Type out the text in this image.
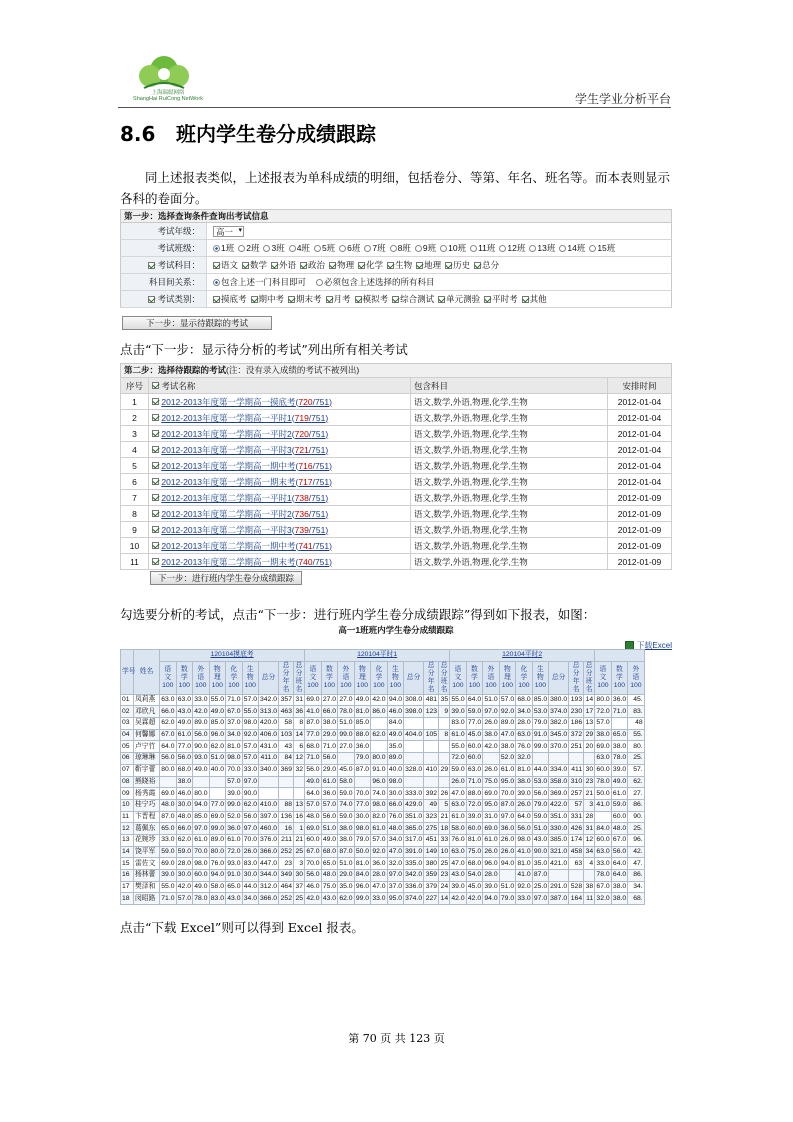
上海瑞聪网络
ShangHai RuiCong NetWork	学生学业分析平台
8.6 班内学生卷分成绩跟踪
同上述报表类似，上述报表为单科成绩的明细，包括卷分、等第、年名、班名等。而本表则显示 各科的卷面分。
第一步：选择查询条件查询出考试信息
考试年级：	高一 ▾
考试班级：	1班 2班 3班 4班 5班 6班 7班 8班 9班 10班 11班 12班 13班 14班 15班
考试科目： 语文 数学 外语 政治 物理 化学 生物 地理 历史 总分
科目间关系：	包含上述一门科目即可 必须包含上述选择的所有科目
考试类别： 摸底考 期中考 期末考 月考 模拟考 综合测试 单元测验 平时考 其他
下一步：显示待跟踪的考试
点击“下一步：显示待分析的考试”列出所有相关考试
第二步：选择待跟踪的考试(注：没有录入成绩的考试不被列出)
序号	考试名称	包含科目	安排时间
1	2012-2013年度第一学期高一摸底考(720/751)	语文,数学,外语,物理,化学,生物	2012-01-04
2	2012-2013年度第一学期高一平时1(719/751)	语文,数学,外语,物理,化学,生物	2012-01-04
3	2012-2013年度第一学期高一平时2(720/751)	语文,数学,外语,物理,化学,生物	2012-01-04
4	2012-2013年度第一学期高一平时3(721/751)	语文,数学,外语,物理,化学,生物	2012-01-04
5	2012-2013年度第一学期高一期中考(716/751)	语文,数学,外语,物理,化学,生物	2012-01-04
6	2012-2013年度第一学期高一期末考(717/751)	语文,数学,外语,物理,化学,生物	2012-01-04
7	2012-2013年度第二学期高一平时1(738/751)	语文,数学,外语,物理,化学,生物	2012-01-09
8	2012-2013年度第二学期高一平时2(736/751)	语文,数学,外语,物理,化学,生物	2012-01-09
9	2012-2013年度第二学期高一平时3(739/751)	语文,数学,外语,物理,化学,生物	2012-01-09
10	2012-2013年度第二学期高一期中考(741/751)	语文,数学,外语,物理,化学,生物	2012-01-09
11	2012-2013年度第二学期高一期末考(740/751)	语文,数学,外语,物理,化学,生物	2012-01-09
下一步：进行班内学生卷分成绩跟踪
勾选要分析的考试，点击“下一步：进行班内学生卷分成绩跟踪”得到如下报表，如图：
高一1班班内学生卷分成绩跟踪
下载Excel
学号	姓名	120104摸底考									120104平时1									120104平时2											
		语文100	数学100	外语100	物理100	化学100	生物100	总分	总分年名	总分班名	语文100	数学100	外语100	物理100	化学100	生物100	总分	总分年名	总分班名	语文100	数学100	外语100	物理100	化学100	生物100	总分	总分年名	总分班名	语文100	数学100	外语100
01	凤莉燕	63.0	63.0	33.0	55.0	71.0	57.0	342.0	357	31	69.0	27.0	27.0	49.0	42.0	94.0	308.0	481	35	55.0	64.0	51.0	57.0	68.0	85.0	380.0	193	14	80.0	36.0	45.
02	邓欣凡	66.0	43.0	42.0	49.0	67.0	55.0	313.0	463	36	41.0	66.0	78.0	81.0	86.0	46.0	398.0	123	9	39.0	59.0	97.0	92.0	34.0	53.0	374.0	230	17	72.0	71.0	83.
03	吴霖超	62.0	49.0	89.0	85.0	37.0	98.0	420.0	58	8	87.0	38.0	51.0	85.0		84.0				83.0	77.0	26.0	89.0	28.0	79.0	382.0	186	13	57.0		48
04	何馨娜	67.0	61.0	56.0	96.0	34.0	92.0	406.0	103	14	77.0	29.0	99.0	88.0	62.0	49.0	404.0	105	8	61.0	45.0	38.0	47.0	63.0	91.0	345.0	372	29	38.0	65.0	55.
05	卢宁竹	64.0	77.0	90.0	62.0	81.0	57.0	431.0	43	6	68.0	71.0	27.0	36.0		35.0				55.0	60.0	42.0	38.0	76.0	99.0	370.0	251	20	69.0	38.0	80.
06	琼琳琳	56.0	56.0	93.0	51.0	98.0	57.0	411.0	84	12	71.0	56.0		79.0	80.0	89.0				72.0	60.0		52.0	32.0					63.0	78.0	25.
07	靳宇蕾	80.0	68.0	49.0	40.0	70.0	33.0	340.0	369	32	56.0	29.0	45.0	87.0	91.0	40.0	328.0	410	29	59.0	63.0	26.0	61.0	81.0	44.0	334.0	411	30	60.0	39.0	57.
08	熊晓裕		38.0			57.0	97.0				49.0	61.0	58.0		96.0	98.0				26.0	71.0	75.0	95.0	38.0	53.0	358.0	310	23	78.0	49.0	62.
09	杨秀霞	69.0	46.0	80.0		39.0	90.0				64.0	36.0	59.0	70.0	74.0	30.0	333.0	392	26	47.0	88.0	69.0	70.0	39.0	56.0	369.0	257	21	50.0	61.0	27.
10	桂宁巧	48.0	30.0	94.0	77.0	99.0	62.0	410.0	88	13	57.0	57.0	74.0	77.0	98.0	66.0	429.0	49	5	63.0	72.0	95.0	87.0	26.0	79.0	422.0	57	3	41.0	59.0	86.
11	卞晋程	87.0	48.0	85.0	69.0	52.0	56.0	397.0	136	16	48.0	56.0	59.0	30.0	82.0	76.0	351.0	323	21	61.0	39.0	31.0	97.0	64.0	59.0	351.0	331	28		60.0	90.
12	葛佩东	65.0	66.0	97.0	99.0	36.0	97.0	460.0	16	1	69.0	51.0	38.0	98.0	61.0	48.0	365.0	275	18	58.0	60.0	69.0	36.0	56.0	51.0	330.0	426	31	84.0	48.0	25.
13	花婉珍	33.0	62.0	61.0	89.0	61.0	70.0	376.0	211	21	60.0	49.0	38.0	79.0	57.0	34.0	317.0	451	33	76.0	81.0	61.0	26.0	98.0	43.0	385.0	174	12	60.0	67.0	96.
14	饶平军	59.0	59.0	70.0	80.0	72.0	26.0	366.0	252	25	67.0	68.0	87.0	50.0	92.0	47.0	391.0	149	10	63.0	75.0	26.0	26.0	41.0	90.0	321.0	458	34	63.0	56.0	42.
15	雷佐文	69.0	28.0	98.0	76.0	93.0	83.0	447.0	23	3	70.0	65.0	51.0	81.0	36.0	32.0	335.0	380	25	47.0	68.0	96.0	94.0	81.0	35.0	421.0	63	4	33.0	64.0	47.
16	杨林蕾	39.0	30.0	60.0	94.0	91.0	30.0	344.0	349	30	56.0	48.0	29.0	84.0	28.0	97.0	342.0	359	23	43.0	54.0	28.0		41.0	87.0				78.0	64.0	86.
17	樊泽和	55.0	42.0	49.0	58.0	65.0	44.0	312.0	464	37	46.0	75.0	35.0	96.0	47.0	37.0	336.0	379	24	39.0	45.0	39.0	51.0	92.0	25.0	291.0	528	38	67.0	38.0	34.
18	闵昭路	71.0	57.0	78.0	83.0	43.0	34.0	366.0	252	25	42.0	43.0	62.0	99.0	33.0	95.0	374.0	227	14	42.0	42.0	94.0	79.0	33.0	97.0	387.0	164	11	32.0	38.0	68.
点击“下载 Excel”则可以得到 Excel 报表。
第 70 页 共 123 页
